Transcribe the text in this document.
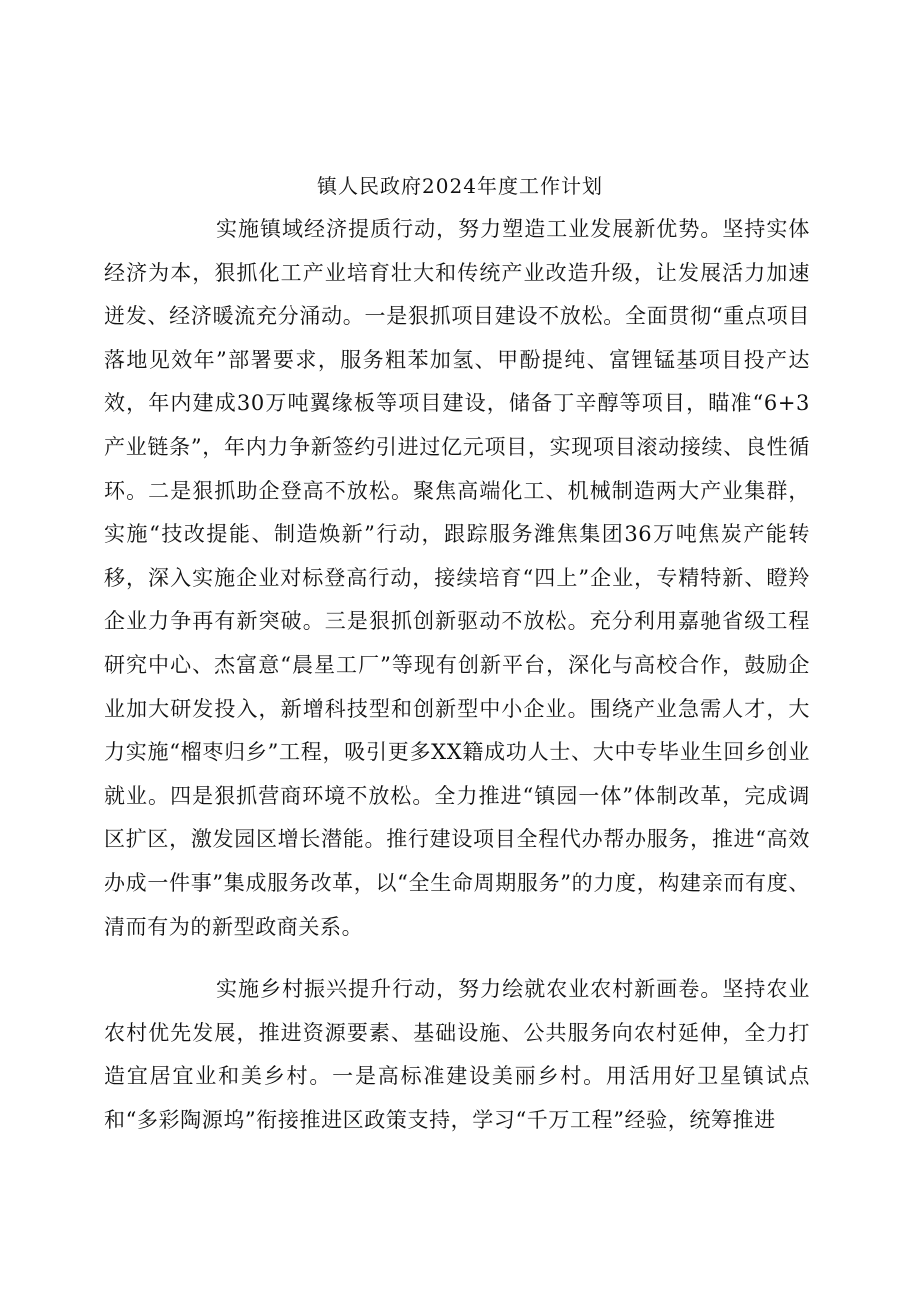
镇人民政府2024年度工作计划

实施镇域经济提质行动，努力塑造工业发展新优势。坚持实体经济为本，狠抓化工产业培育壮大和传统产业改造升级，让发展活力加速迸发、经济暖流充分涌动。一是狠抓项目建设不放松。全面贯彻“重点项目落地见效年”部署要求，服务粗苯加氢、甲酚提纯、富锂锰基项目投产达效，年内建成30万吨翼缘板等项目建设，储备丁辛醇等项目，瞄准“6+3产业链条”，年内力争新签约引进过亿元项目，实现项目滚动接续、良性循环。二是狠抓助企登高不放松。聚焦高端化工、机械制造两大产业集群，实施“技改提能、制造焕新”行动，跟踪服务潍焦集团36万吨焦炭产能转移，深入实施企业对标登高行动，接续培育“四上”企业，专精特新、瞪羚企业力争再有新突破。三是狠抓创新驱动不放松。充分利用嘉驰省级工程研究中心、杰富意“晨星工厂”等现有创新平台，深化与高校合作，鼓励企业加大研发投入，新增科技型和创新型中小企业。围绕产业急需人才，大力实施“榴枣归乡”工程，吸引更多XX籍成功人士、大中专毕业生回乡创业就业。四是狠抓营商环境不放松。全力推进“镇园一体”体制改革，完成调区扩区，激发园区增长潜能。推行建设项目全程代办帮办服务，推进“高效办成一件事”集成服务改革，以“全生命周期服务”的力度，构建亲而有度、清而有为的新型政商关系。

实施乡村振兴提升行动，努力绘就农业农村新画卷。坚持农业农村优先发展，推进资源要素、基础设施、公共服务向农村延伸，全力打造宜居宜业和美乡村。一是高标准建设美丽乡村。用活用好卫星镇试点和“多彩陶源坞”衔接推进区政策支持，学习“千万工程”经验，统筹推进
